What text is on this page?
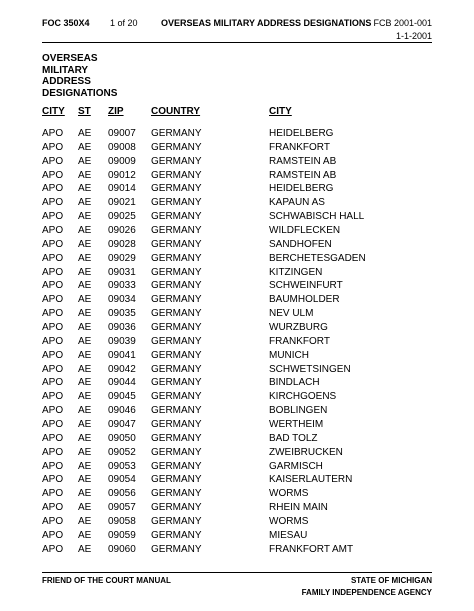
FOC 350X4 1 of 20	OVERSEAS MILITARY ADDRESS DESIGNATIONS FCB 2001-001
1-1-2001
OVERSEAS
MILITARY
ADDRESS
DESIGNATIONS
CITY ST ZIP	COUNTRY	CITY
APO AE 09007 GERMANY	HEIDELBERG
APO AE 09008 GERMANY	FRANKFORT
APO AE 09009 GERMANY	RAMSTEIN AB
APO AE 09012 GERMANY	RAMSTEIN AB
APO AE 09014 GERMANY	HEIDELBERG
APO AE 09021 GERMANY	KAPAUN AS
APO AE 09025 GERMANY	SCHWABISCH HALL
APO AE 09026 GERMANY	WILDFLECKEN
APO AE 09028 GERMANY	SANDHOFEN
APO AE 09029 GERMANY	BERCHETESGADEN
APO AE 09031 GERMANY	KITZINGEN
APO AE 09033 GERMANY	SCHWEINFURT
APO AE 09034 GERMANY	BAUMHOLDER
APO AE 09035 GERMANY	NEV ULM
APO AE 09036 GERMANY	WURZBURG
APO AE 09039 GERMANY	FRANKFORT
APO AE 09041 GERMANY	MUNICH
APO AE 09042 GERMANY	SCHWETSINGEN
APO AE 09044 GERMANY	BINDLACH
APO AE 09045 GERMANY	KIRCHGOENS
APO AE 09046 GERMANY	BOBLINGEN
APO AE 09047 GERMANY	WERTHEIM
APO AE 09050 GERMANY	BAD TOLZ
APO AE 09052 GERMANY	ZWEIBRUCKEN
APO AE 09053 GERMANY	GARMISCH
APO AE 09054 GERMANY	KAISERLAUTERN
APO AE 09056 GERMANY	WORMS
APO AE 09057 GERMANY	RHEIN MAIN
APO AE 09058 GERMANY	WORMS
APO AE 09059 GERMANY	MIESAU
APO AE 09060 GERMANY	FRANKFORT AMT
FRIEND OF THE COURT MANUAL	STATE OF MICHIGAN
FAMILY INDEPENDENCE AGENCY
